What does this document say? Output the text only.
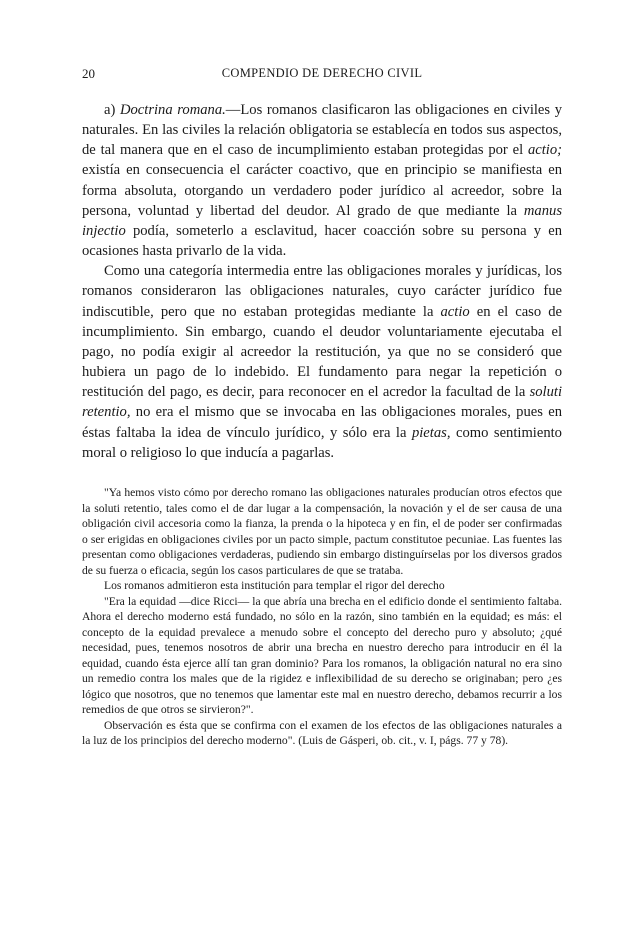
20	COMPENDIO DE DERECHO CIVIL

a) Doctrina romana.—Los romanos clasificaron las obligaciones en civiles y naturales. En las civiles la relación obligatoria se establecía en todos sus aspectos, de tal manera que en el caso de incumplimiento estaban protegidas por el actio; existía en consecuencia el carácter coactivo, que en principio se manifiesta en forma absoluta, otorgando un verdadero poder jurídico al acreedor, sobre la persona, voluntad y libertad del deudor. Al grado de que mediante la manus injectio podía, someterlo a esclavitud, hacer coacción sobre su persona y en ocasiones hasta privarlo de la vida.

Como una categoría intermedia entre las obligaciones morales y jurídicas, los romanos consideraron las obligaciones naturales, cuyo carácter jurídico fue indiscutible, pero que no estaban protegidas mediante la actio en el caso de incumplimiento. Sin embargo, cuando el deudor voluntariamente ejecutaba el pago, no podía exigir al acreedor la restitución, ya que no se consideró que hubiera un pago de lo indebido. El fundamento para negar la repetición o restitución del pago, es decir, para reconocer en el acredor la facultad de la soluti retentio, no era el mismo que se invocaba en las obligaciones morales, pues en éstas faltaba la idea de vínculo jurídico, y sólo era la pietas, como sentimiento moral o religioso lo que inducía a pagarlas.

"Ya hemos visto cómo por derecho romano las obligaciones naturales producían otros efectos que la soluti retentio, tales como el de dar lugar a la compensación, la novación y el de ser causa de una obligación civil accesoria como la fianza, la prenda o la hipoteca y en fin, el de poder ser confirmadas o ser erigidas en obligaciones civiles por un pacto simple, pactum constitutoe pecuniae. Las fuentes las presentan como obligaciones verdaderas, pudiendo sin embargo distinguírselas por los diversos grados de su fuerza o eficacia, según los casos particulares de que se trataba.

Los romanos admitieron esta institución para templar el rigor del derecho

"Era la equidad —dice Ricci— la que abría una brecha en el edificio donde el sentimiento faltaba. Ahora el derecho moderno está fundado, no sólo en la razón, sino también en la equidad; es más: el concepto de la equidad prevalece a menudo sobre el concepto del derecho puro y absoluto; ¿qué necesidad, pues, tenemos nosotros de abrir una brecha en nuestro derecho para introducir en él la equidad, cuando ésta ejerce allí tan gran dominio? Para los romanos, la obligación natural no era sino un remedio contra los males que de la rigidez e inflexibilidad de su derecho se originaban; pero ¿es lógico que nosotros, que no tenemos que lamentar este mal en nuestro derecho, debamos recurrir a los remedios de que otros se sirvieron?".

Observación es ésta que se confirma con el examen de los efectos de las obligaciones naturales a la luz de los principios del derecho moderno". (Luis de Gásperi, ob. cit., v. I, págs. 77 y 78).
